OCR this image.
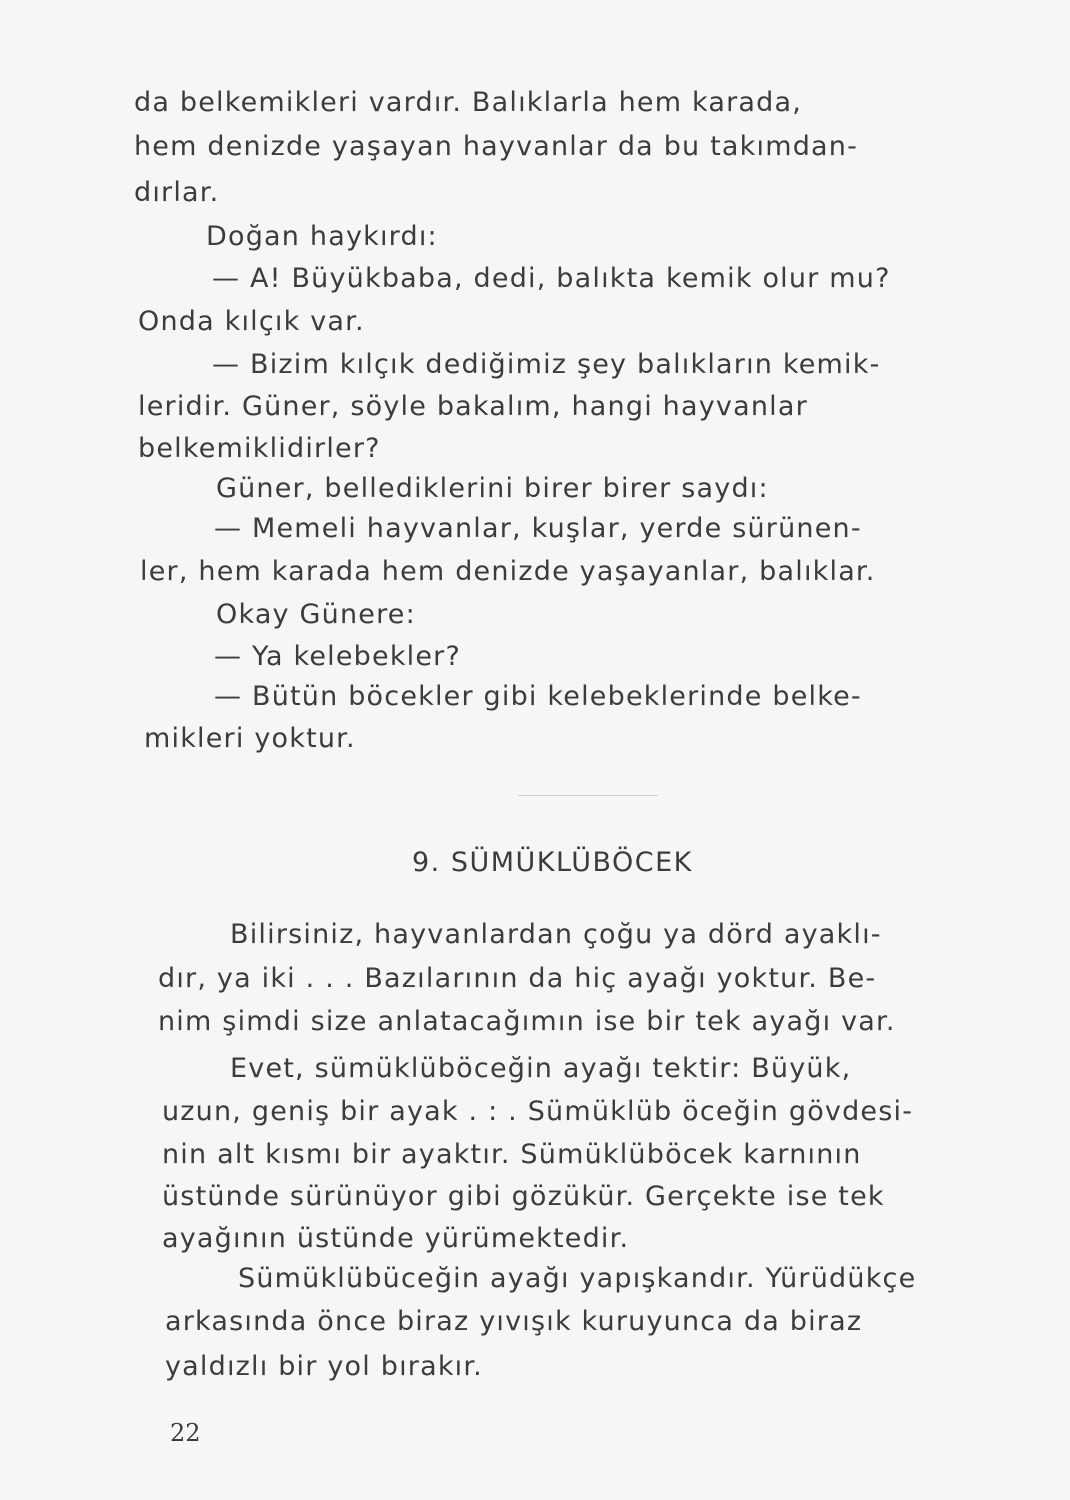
da belkemikleri vardır. Balıklarla hem karada,
hem denizde yaşayan hayvanlar da bu takımdan-
dırlar.
Doğan haykırdı:
— A! Büyükbaba, dedi, balıkta kemik olur mu?
Onda kılçık var.
— Bizim kılçık dediğimiz şey balıkların kemik-
leridir. Güner, söyle bakalım, hangi hayvanlar
belkemiklidirler?
Güner, bellediklerini birer birer saydı:
— Memeli hayvanlar, kuşlar, yerde sürünen-
ler, hem karada hem denizde yaşayanlar, balıklar.
Okay Günere:
— Ya kelebekler?
— Bütün böcekler gibi kelebeklerinde belke-
mikleri yoktur.
9. SÜMÜKLÜBÖCEK
Bilirsiniz, hayvanlardan çoğu ya dörd ayaklı-
dır, ya iki . . . Bazılarının da hiç ayağı yoktur. Be-
nim şimdi size anlatacağımın ise bir tek ayağı var.
Evet, sümüklüböceğin ayağı tektir: Büyük,
uzun, geniş bir ayak . : . Sümüklüb öceğin gövdesi-
nin alt kısmı bir ayaktır. Sümüklüböcek karnının
üstünde sürünüyor gibi gözükür. Gerçekte ise tek
ayağının üstünde yürümektedir.
Sümüklübüceğin ayağı yapışkandır. Yürüdükçe
arkasında önce biraz yıvışık kuruyunca da biraz
yaldızlı bir yol bırakır.
22
